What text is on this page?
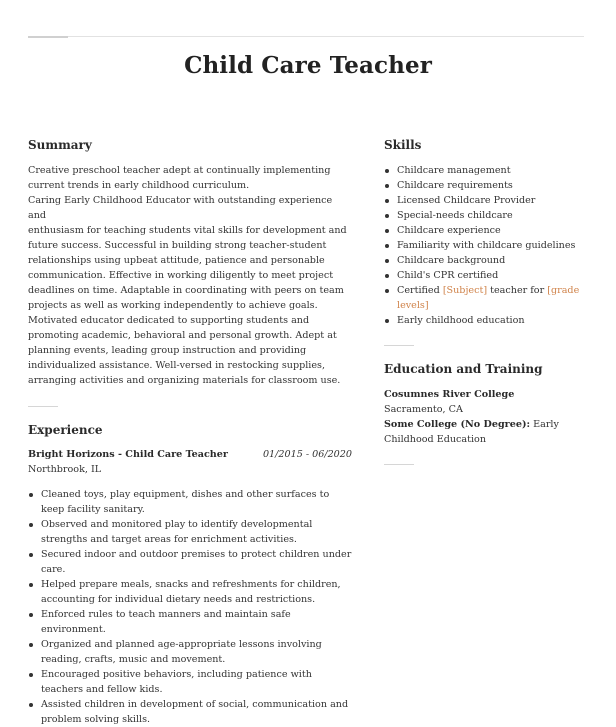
Child Care Teacher
Summary
Creative preschool teacher adept at continually implementing
current trends in early childhood curriculum.
Caring Early Childhood Educator with outstanding experience and
enthusiasm for teaching students vital skills for development and
future success. Successful in building strong teacher-student
relationships using upbeat attitude, patience and personable
communication. Effective in working diligently to meet project
deadlines on time. Adaptable in coordinating with peers on team
projects as well as working independently to achieve goals.
Motivated educator dedicated to supporting students and
promoting academic, behavioral and personal growth. Adept at
planning events, leading group instruction and providing
individualized assistance. Well-versed in restocking supplies,
arranging activities and organizing materials for classroom use.
Experience
Bright Horizons - Child Care Teacher	01/2015 - 06/2020
Northbrook, IL
Cleaned toys, play equipment, dishes and other surfaces to
keep facility sanitary.
Observed and monitored play to identify developmental
strengths and target areas for enrichment activities.
Secured indoor and outdoor premises to protect children under
care.
Helped prepare meals, snacks and refreshments for children,
accounting for individual dietary needs and restrictions.
Enforced rules to teach manners and maintain safe
environment.
Organized and planned age-appropriate lessons involving
reading, crafts, music and movement.
Encouraged positive behaviors, including patience with
teachers and fellow kids.
Assisted children in development of social, communication and
problem solving skills.
Skills
Childcare management
Childcare requirements
Licensed Childcare Provider
Special-needs childcare
Childcare experience
Familiarity with childcare guidelines
Childcare background
Child's CPR certified
Certified [Subject] teacher for [grade
levels]
Early childhood education
Education and Training
Cosumnes River College
Sacramento, CA
Some College (No Degree): Early
Childhood Education
